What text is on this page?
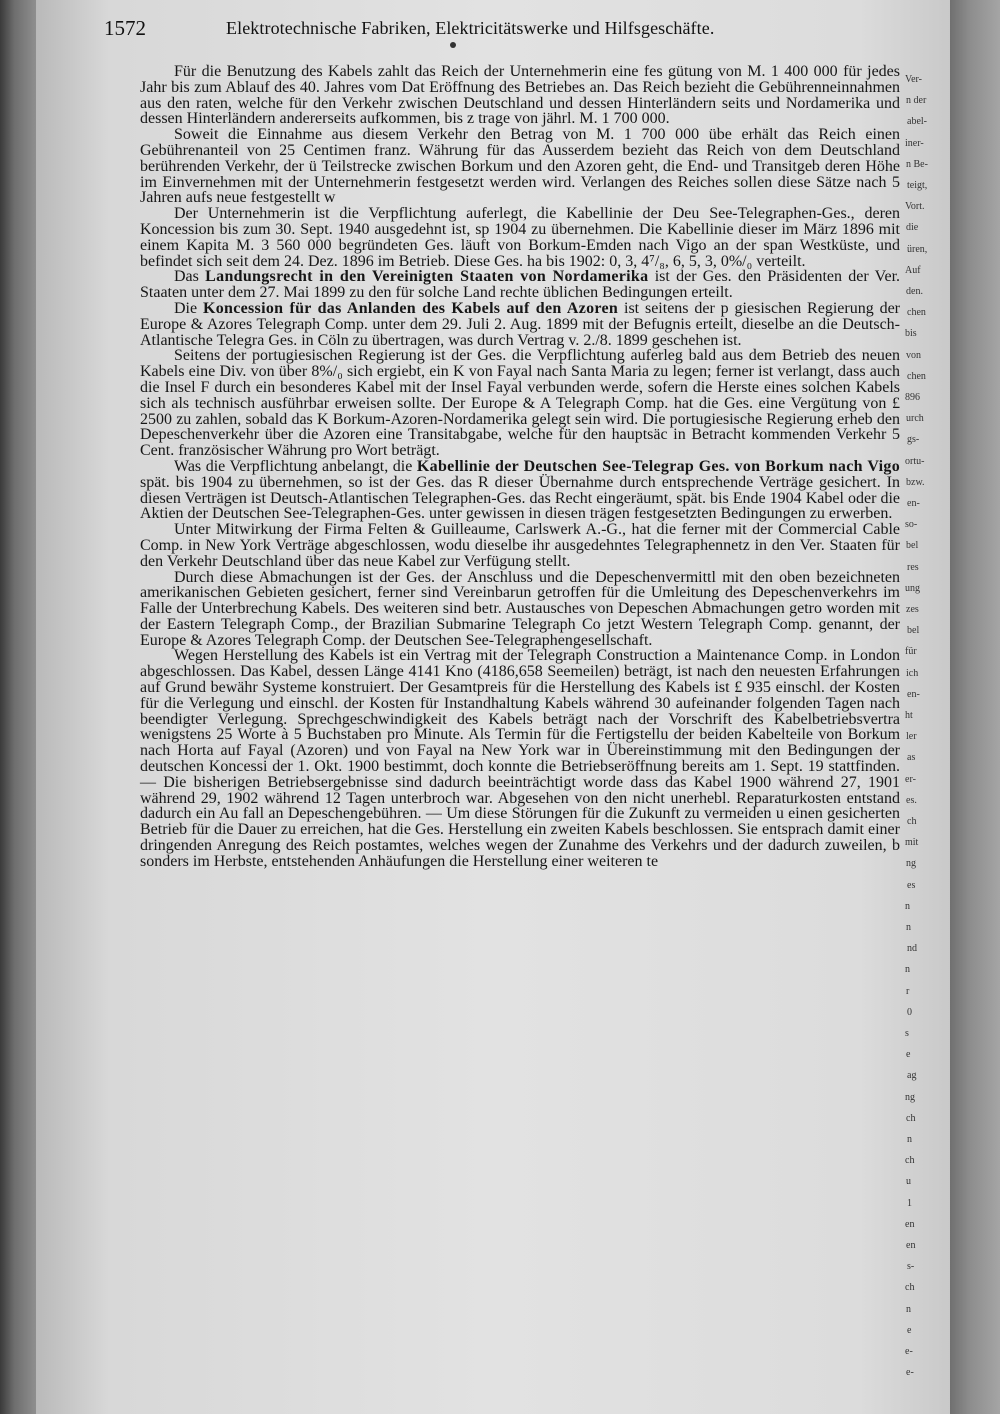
1572	Elektrotechnische Fabriken, Elektricitätswerke und Hilfsgeschäfte.

Für die Benutzung des Kabels zahlt das Reich der Unternehmerin eine fes gütung von M. 1 400 000 für jedes Jahr bis zum Ablauf des 40. Jahres vom Dat Eröffnung des Betriebes an. Das Reich bezieht die Gebührenneinnahmen aus den raten, welche für den Verkehr zwischen Deutschland und dessen Hinterländern seits und Nordamerika und dessen Hinterländern andererseits aufkommen, bis z trage von jährl. M. 1 700 000.

Soweit die Einnahme aus diesem Verkehr den Betrag von M. 1 700 000 übe erhält das Reich einen Gebührenanteil von 25 Centimen franz. Währung für das Ausserdem bezieht das Reich von dem Deutschland berührenden Verkehr, der ü Teilstrecke zwischen Borkum und den Azoren geht, die End- und Transitgeb deren Höhe im Einvernehmen mit der Unternehmerin festgesetzt werden wird. Verlangen des Reiches sollen diese Sätze nach 5 Jahren aufs neue festgestellt w

Der Unternehmerin ist die Verpflichtung auferlegt, die Kabellinie der Deu See-Telegraphen-Ges., deren Koncession bis zum 30. Sept. 1940 ausgedehnt ist, sp 1904 zu übernehmen. Die Kabellinie dieser im März 1896 mit einem Kapita M. 3 560 000 begründeten Ges. läuft von Borkum-Emden nach Vigo an der span Westküste, und befindet sich seit dem 24. Dez. 1896 im Betrieb. Diese Ges. ha bis 1902: 0, 3, 4⁷/₈, 6, 5, 3, 0%/₀ verteilt.

Das Landungsrecht in den Vereinigten Staaten von Nordamerika ist der Ges. den Präsidenten der Ver. Staaten unter dem 27. Mai 1899 zu den für solche Land rechte üblichen Bedingungen erteilt.

Die Koncession für das Anlanden des Kabels auf den Azoren ist seitens der p giesischen Regierung der Europe & Azores Telegraph Comp. unter dem 29. Juli 2. Aug. 1899 mit der Befugnis erteilt, dieselbe an die Deutsch-Atlantische Telegra Ges. in Cöln zu übertragen, was durch Vertrag v. 2./8. 1899 geschehen ist.

Seitens der portugiesischen Regierung ist der Ges. die Verpflichtung auferleg bald aus dem Betrieb des neuen Kabels eine Div. von über 8%/₀ sich ergiebt, ein K von Fayal nach Santa Maria zu legen; ferner ist verlangt, dass auch die Insel F durch ein besonderes Kabel mit der Insel Fayal verbunden werde, sofern die Herste eines solchen Kabels sich als technisch ausführbar erweisen sollte. Der Europe & A Telegraph Comp. hat die Ges. eine Vergütung von £ 2500 zu zahlen, sobald das K Borkum-Azoren-Nordamerika gelegt sein wird. Die portugiesische Regierung erheb den Depeschenverkehr über die Azoren eine Transitabgabe, welche für den hauptsäc in Betracht kommenden Verkehr 5 Cent. französischer Währung pro Wort beträgt.

Was die Verpflichtung anbelangt, die Kabellinie der Deutschen See-Telegrap Ges. von Borkum nach Vigo spät. bis 1904 zu übernehmen, so ist der Ges. das R dieser Übernahme durch entsprechende Verträge gesichert. In diesen Verträgen ist Deutsch-Atlantischen Telegraphen-Ges. das Recht eingeräumt, spät. bis Ende 1904 Kabel oder die Aktien der Deutschen See-Telegraphen-Ges. unter gewissen in diesen trägen festgesetzten Bedingungen zu erwerben.

Unter Mitwirkung der Firma Felten & Guilleaume, Carlswerk A.-G., hat die ferner mit der Commercial Cable Comp. in New York Verträge abgeschlossen, wodu dieselbe ihr ausgedehntes Telegraphennetz in den Ver. Staaten für den Verkehr Deutschland über das neue Kabel zur Verfügung stellt.

Durch diese Abmachungen ist der Ges. der Anschluss und die Depeschenvermittl mit den oben bezeichneten amerikanischen Gebieten gesichert, ferner sind Vereinbarun getroffen für die Umleitung des Depeschenverkehrs im Falle der Unterbrechung Kabels. Des weiteren sind betr. Austausches von Depeschen Abmachungen getro worden mit der Eastern Telegraph Comp., der Brazilian Submarine Telegraph Co jetzt Western Telegraph Comp. genannt, der Europe & Azores Telegraph Comp. der Deutschen See-Telegraphengesellschaft.

Wegen Herstellung des Kabels ist ein Vertrag mit der Telegraph Construction a Maintenance Comp. in London abgeschlossen. Das Kabel, dessen Länge 4141 Kno (4186,658 Seemeilen) beträgt, ist nach den neuesten Erfahrungen auf Grund bewähr Systeme konstruiert. Der Gesamtpreis für die Herstellung des Kabels ist £ 935 einschl. der Kosten für die Verlegung und einschl. der Kosten für Instandhaltung Kabels während 30 aufeinander folgenden Tagen nach beendigter Verlegung. Sprechgeschwindigkeit des Kabels beträgt nach der Vorschrift des Kabelbetriebsvertra wenigstens 25 Worte à 5 Buchstaben pro Minute. Als Termin für die Fertigstellu der beiden Kabelteile von Borkum nach Horta auf Fayal (Azoren) und von Fayal na New York war in Übereinstimmung mit den Bedingungen der deutschen Koncessi der 1. Okt. 1900 bestimmt, doch konnte die Betriebseröffnung bereits am 1. Sept. 19 stattfinden. — Die bisherigen Betriebsergebnisse sind dadurch beeinträchtigt worde dass das Kabel 1900 während 27, 1901 während 29, 1902 während 12 Tagen unterbroch war. Abgesehen von den nicht unerhebl. Reparaturkosten entstand dadurch ein Au fall an Depeschengebühren. — Um diese Störungen für die Zukunft zu vermeiden u einen gesicherten Betrieb für die Dauer zu erreichen, hat die Ges. Herstellung ein zweiten Kabels beschlossen. Sie entsprach damit einer dringenden Anregung des Reich postamtes, welches wegen der Zunahme des Verkehrs und der dadurch zuweilen, b sonders im Herbste, entstehenden Anhäufungen die Herstellung einer weiteren te

Ver-
n der
abel-
iner-
n Be-
teigt,
Vort.
die
üren,
Auf
den.
chen
bis
von
chen
896
urch
gs-
ortu-
bzw.
en-
so-
bel
res
ung
zes
bel
für
ich
en-
ht
ler
as
er-
es.
ch
mit
ng
es
n
n
nd
n
r
0
s
e
ag
ng
ch
n
ch
u
1
en
en
s-
ch
n
e
e-
e-
